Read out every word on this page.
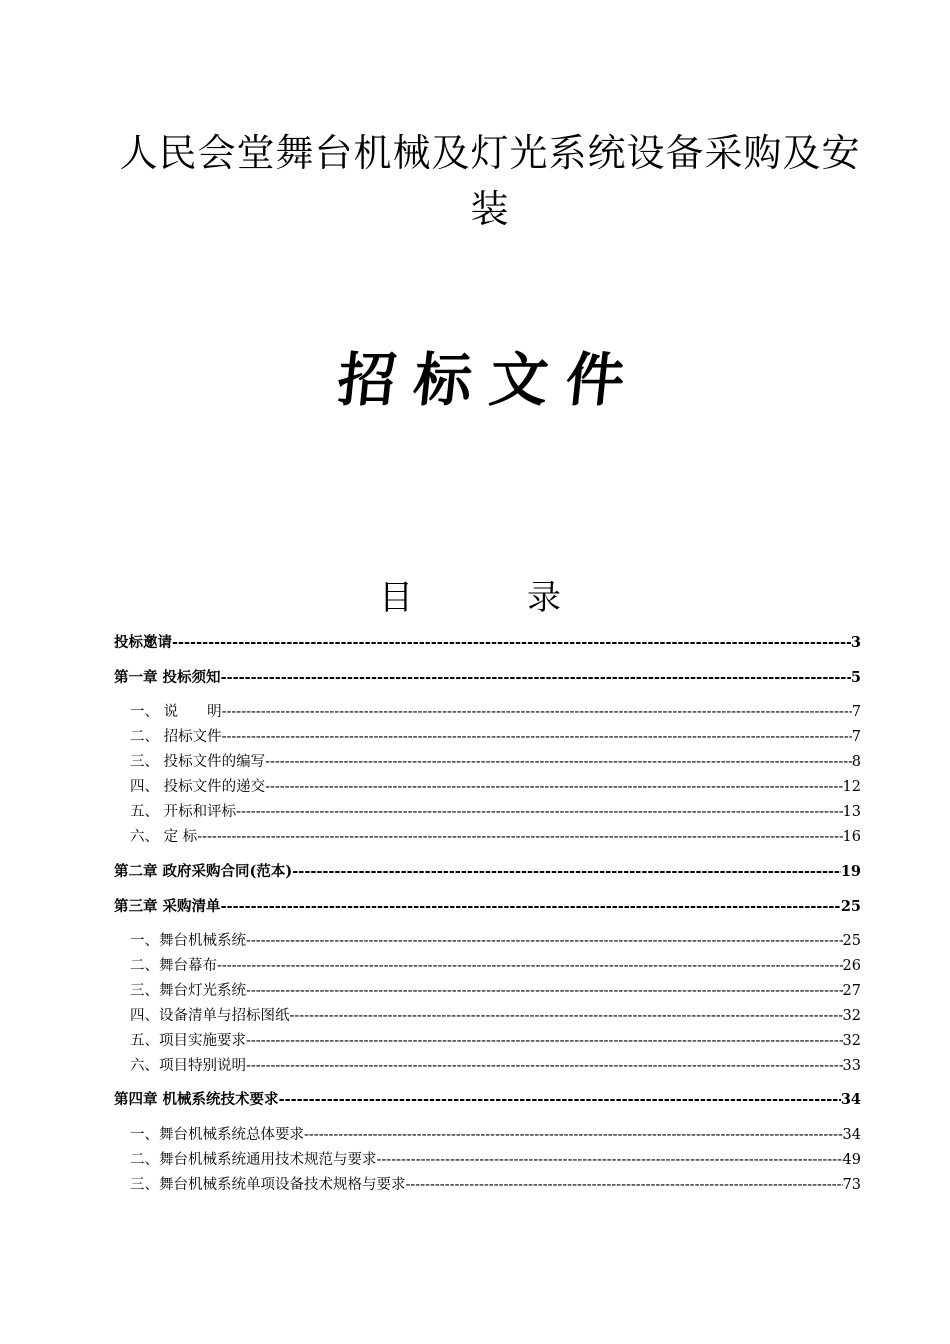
人民会堂舞台机械及灯光系统设备采购及安装
招标文件
目　录
投标邀请 -----	3
第一章 投标须知 -----	5
一、 说　　明 -----	7
二、 招标文件 -----	7
三、 投标文件的编写 -----	8
四、 投标文件的递交 -----	12
五、 开标和评标 -----	13
六、 定 标 -----	16
第二章 政府采购合同(范本) -----	19
第三章 采购清单 -----	25
一、舞台机械系统 -----	25
二、舞台幕布 -----	26
三、舞台灯光系统 -----	27
四、设备清单与招标图纸 -----	32
五、项目实施要求 -----	32
六、项目特别说明 -----	33
第四章 机械系统技术要求 -----	34
一、舞台机械系统总体要求 -----	34
二、舞台机械系统通用技术规范与要求 -----	49
三、舞台机械系统单项设备技术规格与要求 -----	73
